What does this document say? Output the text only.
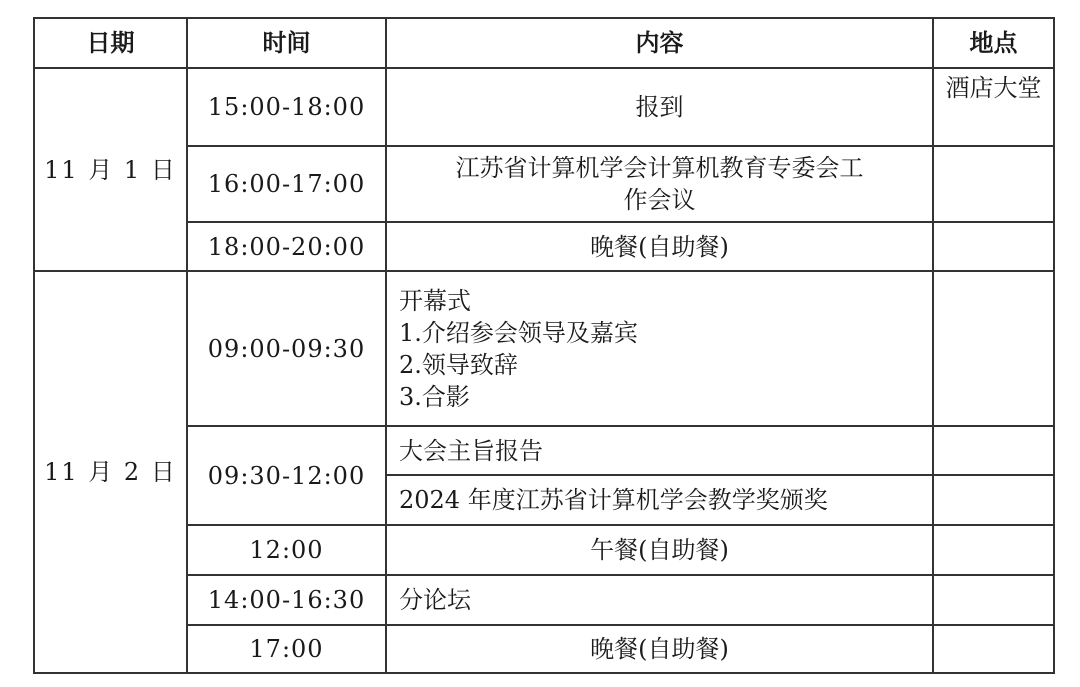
日期	时间	内容	地点
11 月 1 日	15:00-18:00	报到	酒店大堂
	16:00-17:00	江苏省计算机学会计算机教育专委会工
作会议	

	18:00-20:00	晚餐(自助餐)	
11 月 2 日	09:00-09:30	开幕式
1.介绍参会领导及嘉宾
2.领导致辞
3.合影	

	09:30-12:00	大会主旨报告	
		2024 年度江苏省计算机学会教学奖颁奖	
	12:00	午餐(自助餐)	
	14:00-16:30	分论坛	
	17:00	晚餐(自助餐)	
